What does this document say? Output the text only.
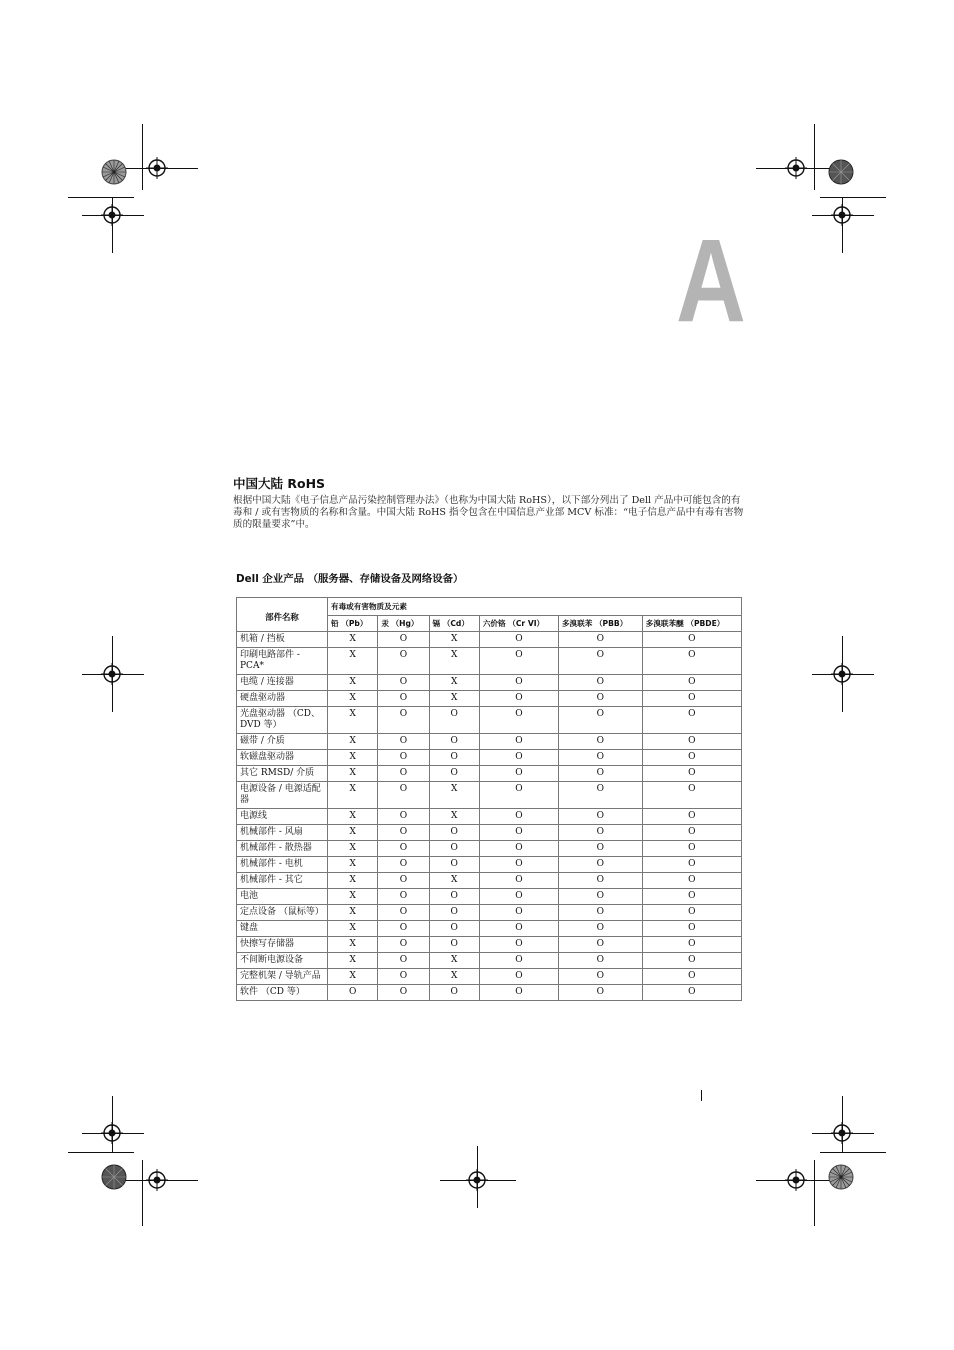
A
中国大陆 RoHS

根据中国大陆《电子信息产品污染控制管理办法》（也称为中国大陆 RoHS），以下部分列出了 Dell 产品中可能包含的有毒和 / 或有害物质的名称和含量。中国大陆 RoHS 指令包含在中国信息产业部 MCV 标准：“电子信息产品中有毒有害物质的限量要求”中。

Dell 企业产品 （服务器、存储设备及网络设备）
部件名称	有毒或有害物质及元素					
	铅 （Pb）	汞 （Hg）	镉 （Cd）	六价铬 （Cr VI）	多溴联苯 （PBB）	多溴联苯醚 （PBDE）
机箱 / 挡板	X	O	X	O	O	O
印刷电路部件 - PCA*	X	O	X	O	O	O
电缆 / 连接器	X	O	X	O	O	O
硬盘驱动器	X	O	X	O	O	O
光盘驱动器 （CD、 DVD 等）	X	O	O	O	O	O
磁带 / 介质	X	O	O	O	O	O
软磁盘驱动器	X	O	O	O	O	O
其它 RMSD/ 介质	X	O	O	O	O	O
电源设备 / 电源适配器	X	O	X	O	O	O
电源线	X	O	X	O	O	O
机械部件 - 风扇	X	O	O	O	O	O
机械部件 - 散热器	X	O	O	O	O	O
机械部件 - 电机	X	O	O	O	O	O
机械部件 - 其它	X	O	X	O	O	O
电池	X	O	O	O	O	O
定点设备 （鼠标等）	X	O	O	O	O	O
键盘	X	O	O	O	O	O
快擦写存储器	X	O	O	O	O	O
不间断电源设备	X	O	X	O	O	O
完整机架 / 导轨产品	X	O	X	O	O	O
软件 （CD 等）	O	O	O	O	O	O
